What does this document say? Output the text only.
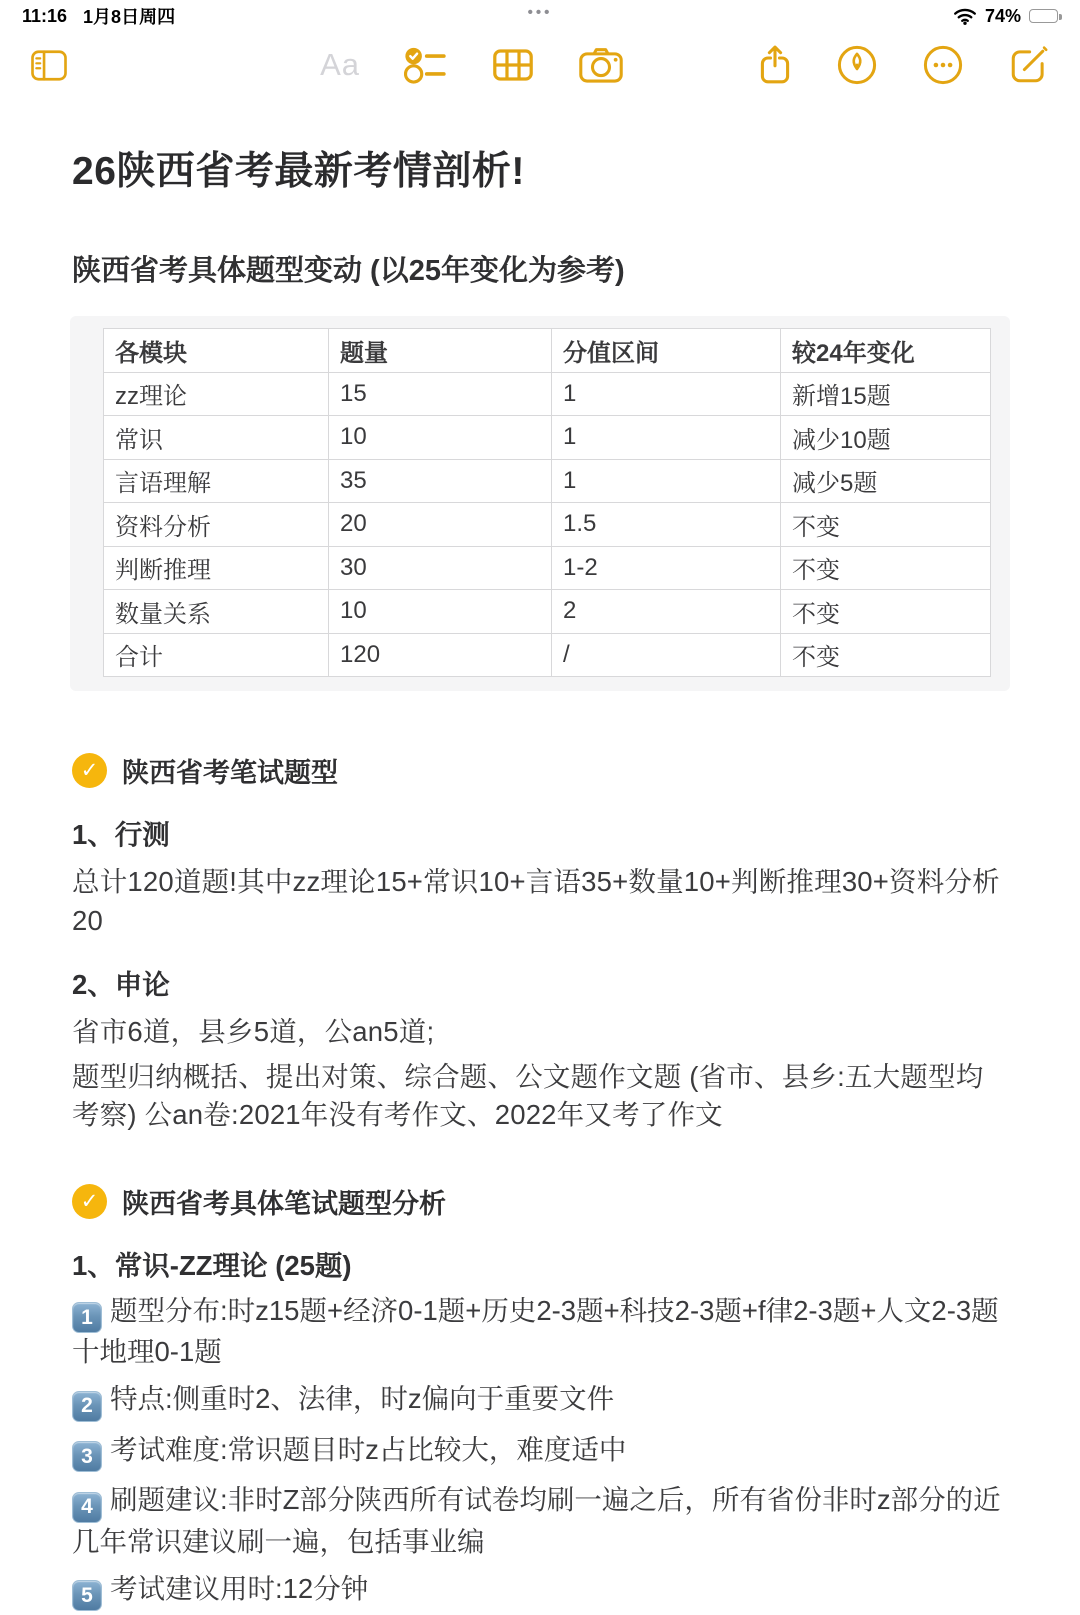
11:16 1月8日周四	•••	74%
Aa
26陕西省考最新考情剖析!
陕西省考具体题型变动 (以25年变化为参考)
各模块	题量	分值区间	较24年变化
zz理论	15	1	新增15题
常识	10	1	减少10题
言语理解	35	1	减少5题
资料分析	20	1.5	不变
判断推理	30	1-2	不变
数量关系	10	2	不变
合计	120	/	不变
✓ 陕西省考笔试题型
1、行测
总计120道题!其中zz理论15+常识10+言语35+数量10+判断推理30+资料分析20
2、申论
省市6道，县乡5道，公an5道;
题型归纳概括、提出对策、综合题、公文题作文题 (省市、县乡:五大题型均考察) 公an卷:2021年没有考作文、2022年又考了作文
✓ 陕西省考具体笔试题型分析
1、常识-ZZ理论 (25题)
1 题型分布:时z15题+经济0-1题+历史2-3题+科技2-3题+f律2-3题+人文2-3题十地理0-1题
2 特点:侧重时2、法律，时z偏向于重要文件
3 考试难度:常识题目时z占比较大，难度适中
4 刷题建议:非时Z部分陕西所有试卷均刷一遍之后，所有省份非时z部分的近几年常识建议刷一遍，包括事业编
5 考试建议用时:12分钟
